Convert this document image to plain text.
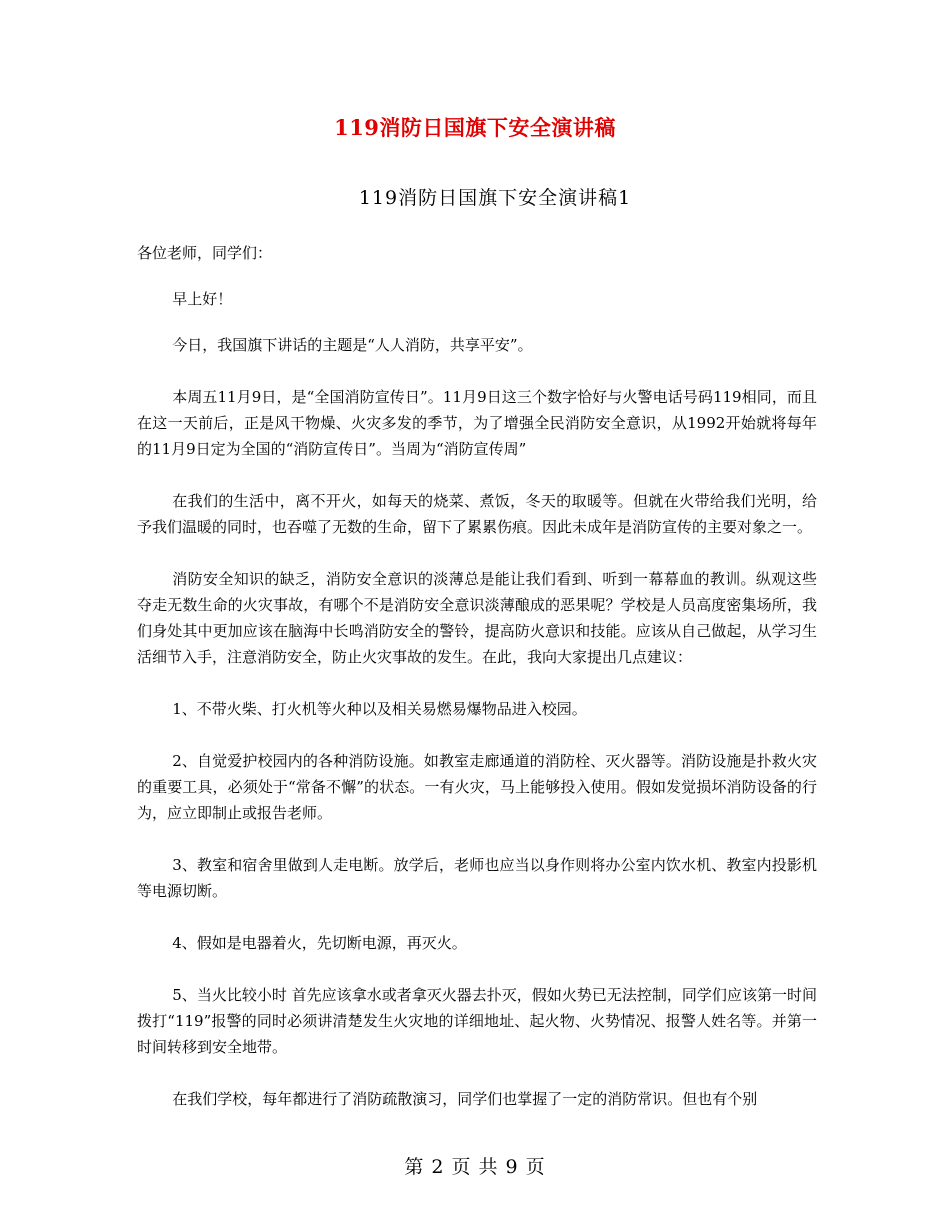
119消防日国旗下安全演讲稿
119消防日国旗下安全演讲稿1

各位老师，同学们：

早上好！

今日，我国旗下讲话的主题是“人人消防，共享平安”。

本周五11月9日，是“全国消防宣传日”。11月9日这三个数字恰好与火警电话号码119相同，而且在这一天前后，正是风干物燥、火灾多发的季节，为了增强全民消防安全意识，从1992开始就将每年的11月9日定为全国的“消防宣传日”。当周为“消防宣传周”

在我们的生活中，离不开火，如每天的烧菜、煮饭，冬天的取暖等。但就在火带给我们光明，给予我们温暖的同时，也吞噬了无数的生命，留下了累累伤痕。因此未成年是消防宣传的主要对象之一。

消防安全知识的缺乏，消防安全意识的淡薄总是能让我们看到、听到一幕幕血的教训。纵观这些夺走无数生命的火灾事故，有哪个不是消防安全意识淡薄酿成的恶果呢？学校是人员高度密集场所，我们身处其中更加应该在脑海中长鸣消防安全的警铃，提高防火意识和技能。应该从自己做起，从学习生活细节入手，注意消防安全，防止火灾事故的发生。在此，我向大家提出几点建议：

1、不带火柴、打火机等火种以及相关易燃易爆物品进入校园。

2、自觉爱护校园内的各种消防设施。如教室走廊通道的消防栓、灭火器等。消防设施是扑救火灾的重要工具，必须处于“常备不懈”的状态。一有火灾，马上能够投入使用。假如发觉损坏消防设备的行为，应立即制止或报告老师。

3、教室和宿舍里做到人走电断。放学后，老师也应当以身作则将办公室内饮水机、教室内投影机等电源切断。

4、假如是电器着火，先切断电源，再灭火。

5、当火比较小时 首先应该拿水或者拿灭火器去扑灭，假如火势已无法控制，同学们应该第一时间拨打“119”报警的同时必须讲清楚发生火灾地的详细地址、起火物、火势情况、报警人姓名等。并第一时间转移到安全地带。

在我们学校，每年都进行了消防疏散演习，同学们也掌握了一定的消防常识。但也有个别

第 2 页 共 9 页
